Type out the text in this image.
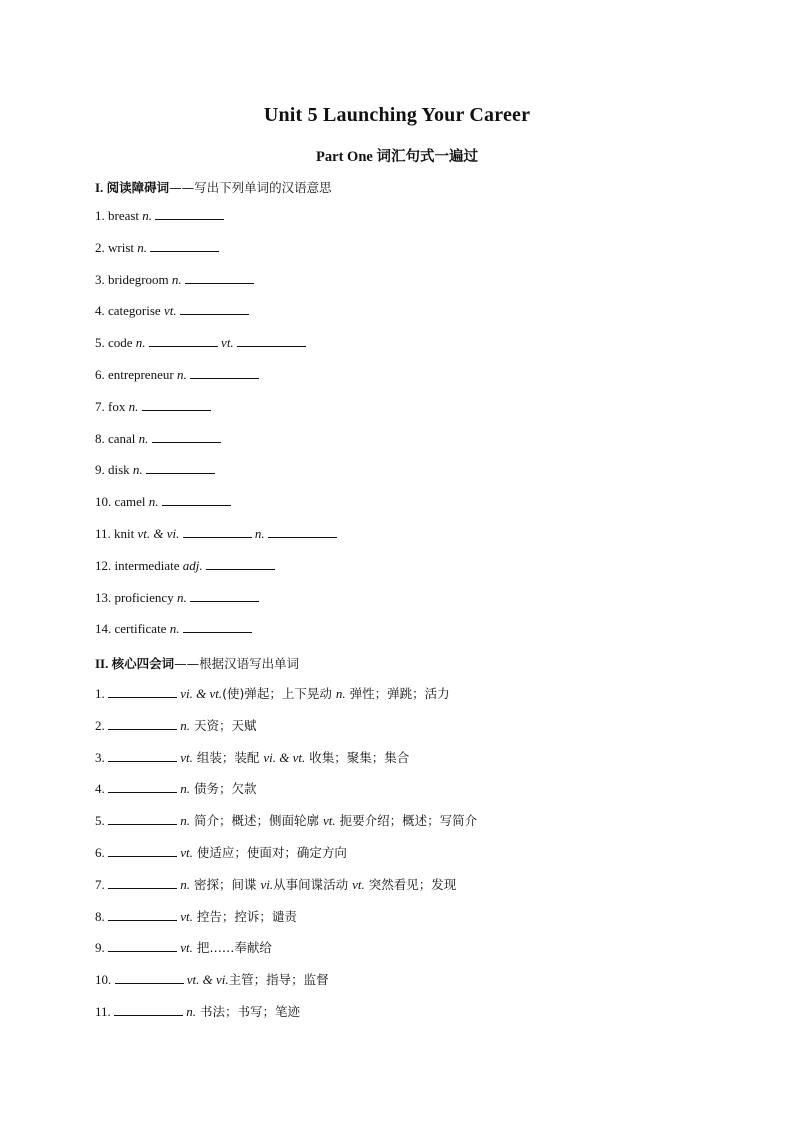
Unit 5 Launching Your Career
Part One 词汇句式一遍过
I. 阅读障碍词——写出下列单词的汉语意思
1. breast n.
2. wrist n.
3. bridegroom n.
4. categorise vt.
5. code n.	vt.
6. entrepreneur n.
7. fox n.
8. canal n.
9. disk n.
10. camel n.
11. knit vt. & vi.	n.
12. intermediate adj.
13. proficiency n.
14. certificate n.
II. 核心四会词——根据汉语写出单词
1.	vi. & vt.(使)弹起；上下晃动 n. 弹性；弹跳；活力
2.	n. 天资；天赋
3.	vt. 组装；装配 vi. & vt. 收集；聚集；集合
4.	n. 债务；欠款
5.	n. 简介；概述；侧面轮廓 vt. 扼要介绍；概述；写简介
6.	vt. 使适应；使面对；确定方向
7.	n. 密探；间谍 vi.从事间谍活动 vt. 突然看见；发现
8.	vt. 控告；控诉；谴责
9.	vt. 把……奉献给
10.	vt. & vi.主管；指导；监督
11.	n. 书法；书写；笔迹
